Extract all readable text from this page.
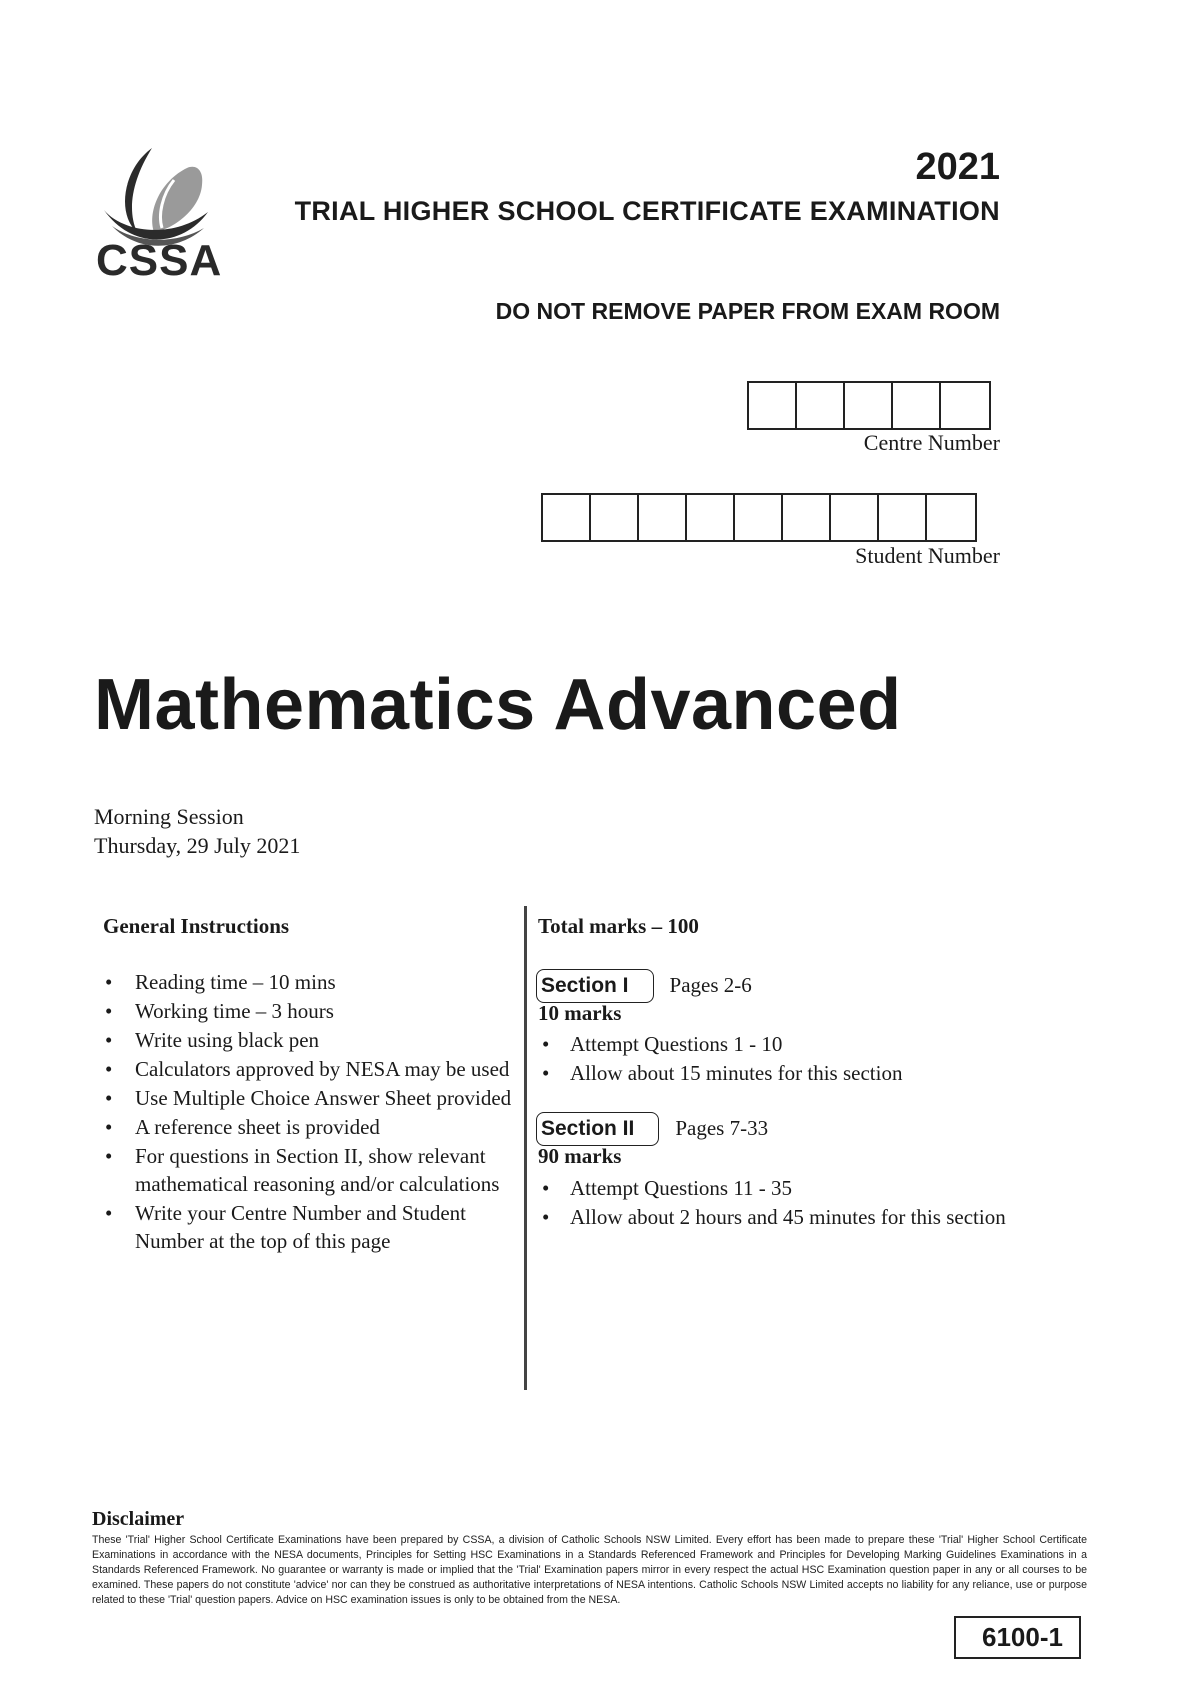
CSSA
2021
TRIAL HIGHER SCHOOL CERTIFICATE EXAMINATION
DO NOT REMOVE PAPER FROM EXAM ROOM
Centre Number
Student Number
Mathematics Advanced
Morning Session
Thursday, 29 July 2021
General Instructions
• Reading time – 10 mins
• Working time – 3 hours
• Write using black pen
• Calculators approved by NESA may be used
• Use Multiple Choice Answer Sheet provided
• A reference sheet is provided
• For questions in Section II, show relevant mathematical reasoning and/or calculations
• Write your Centre Number and Student Number at the top of this page
Total marks – 100
Section I Pages 2-6
10 marks
• Attempt Questions 1 - 10
• Allow about 15 minutes for this section
Section II Pages 7-33
90 marks
• Attempt Questions 11 - 35
• Allow about 2 hours and 45 minutes for this section
Disclaimer
These 'Trial' Higher School Certificate Examinations have been prepared by CSSA, a division of Catholic Schools NSW Limited. Every effort has been made to prepare these 'Trial' Higher School Certificate Examinations in accordance with the NESA documents, Principles for Setting HSC Examinations in a Standards Referenced Framework and Principles for Developing Marking Guidelines Examinations in a Standards Referenced Framework. No guarantee or warranty is made or implied that the 'Trial' Examination papers mirror in every respect the actual HSC Examination question paper in any or all courses to be examined. These papers do not constitute 'advice' nor can they be construed as authoritative interpretations of NESA intentions. Catholic Schools NSW Limited accepts no liability for any reliance, use or purpose related to these 'Trial' question papers. Advice on HSC examination issues is only to be obtained from the NESA.
6100-1
